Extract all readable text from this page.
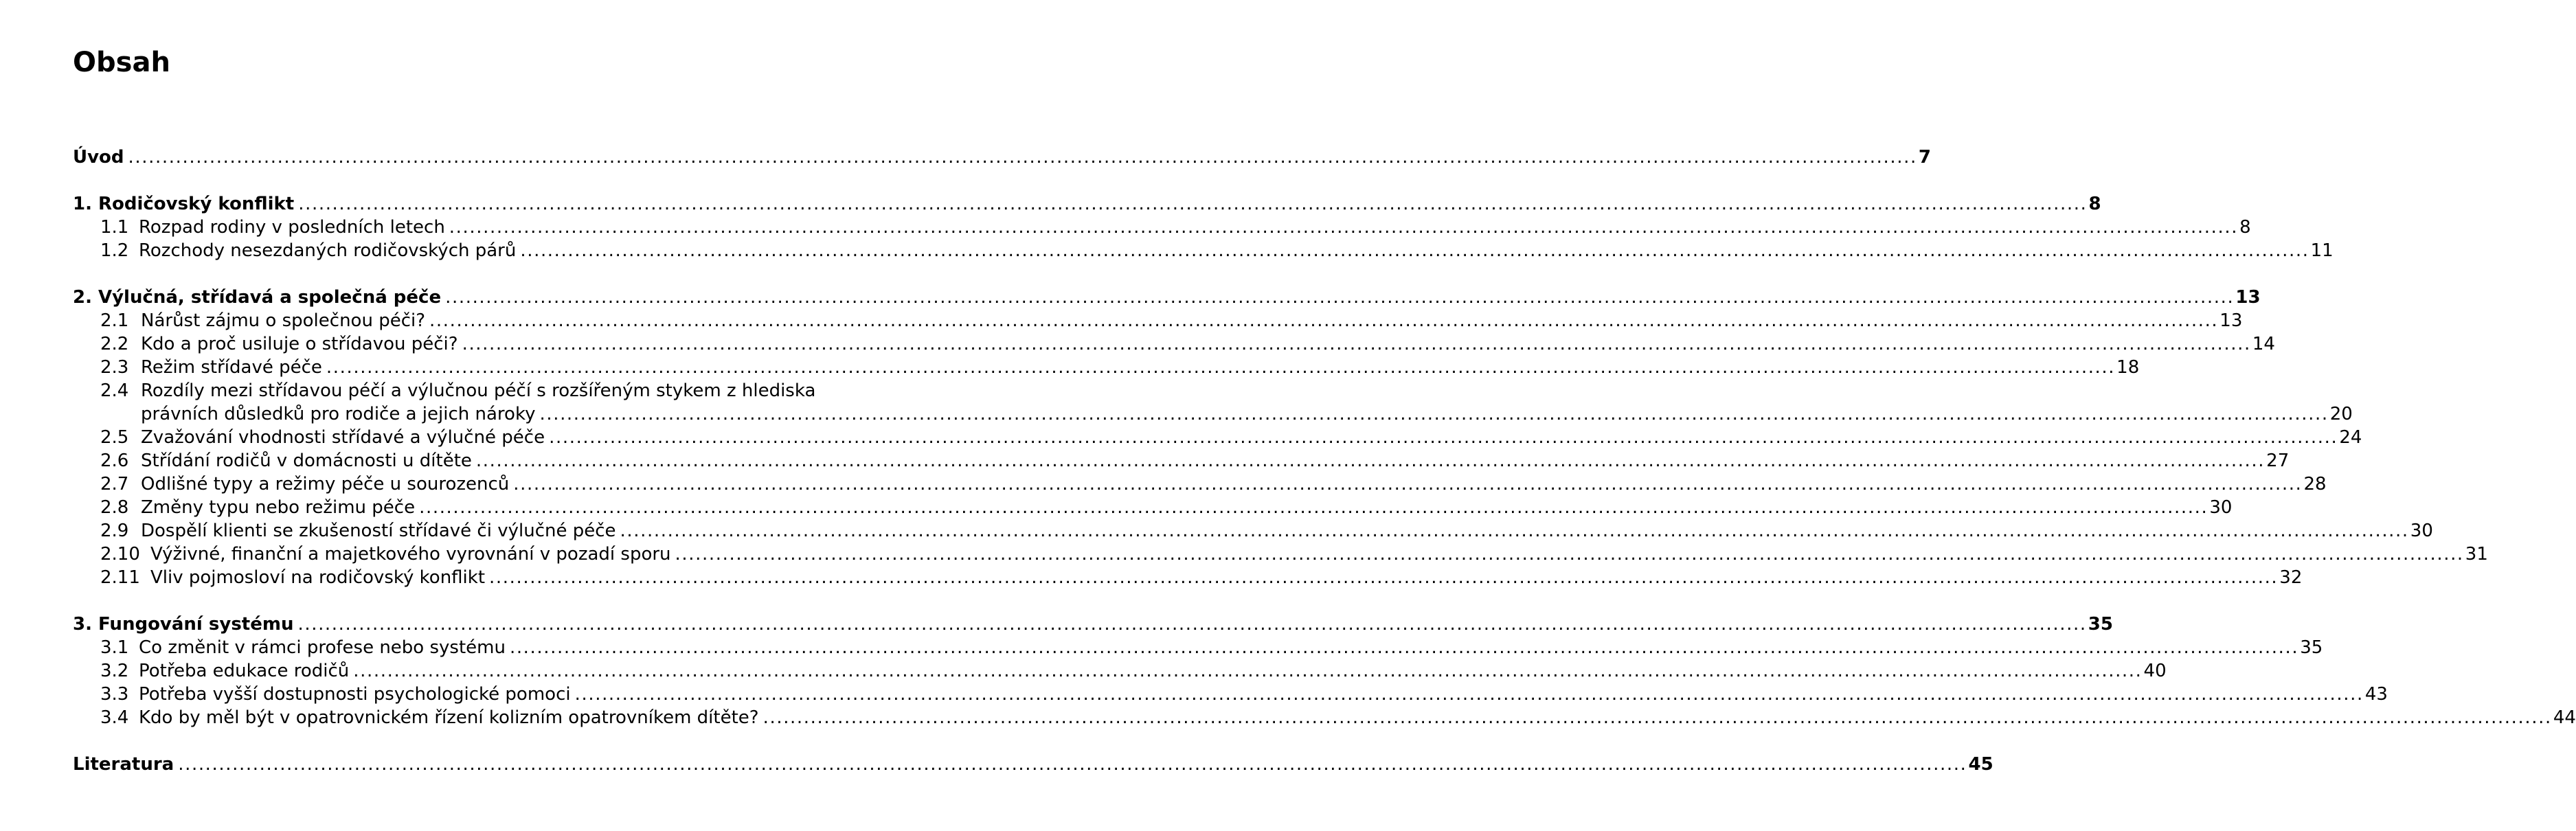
Obsah
Úvod .....	7
1. Rodičovský konflikt .....	8
1.1 Rozpad rodiny v posledních letech .....	8
1.2 Rozchody nesezdaných rodičovských párů .....	11
2. Výlučná, střídavá a společná péče .....	13
2.1 Nárůst zájmu o společnou péči? .....	13
2.2 Kdo a proč usiluje o střídavou péči? .....	14
2.3 Režim střídavé péče .....	18
2.4 Rozdíly mezi střídavou péčí a výlučnou péčí s rozšířeným stykem z hlediska
právních důsledků pro rodiče a jejich nároky .....	20
2.5 Zvažování vhodnosti střídavé a výlučné péče .....	24
2.6 Střídání rodičů v domácnosti u dítěte .....	27
2.7 Odlišné typy a režimy péče u sourozenců .....	28
2.8 Změny typu nebo režimu péče .....	30
2.9 Dospělí klienti se zkušeností střídavé či výlučné péče .....	30
2.10 Výživné, finanční a majetkového vyrovnání v pozadí sporu .....	31
2.11 Vliv pojmosloví na rodičovský konflikt .....	32
3. Fungování systému .....	35
3.1 Co změnit v rámci profese nebo systému .....	35
3.2 Potřeba edukace rodičů .....	40
3.3 Potřeba vyšší dostupnosti psychologické pomoci .....	43
3.4 Kdo by měl být v opatrovnickém řízení kolizním opatrovníkem dítěte? .....	44
Literatura .....	45
